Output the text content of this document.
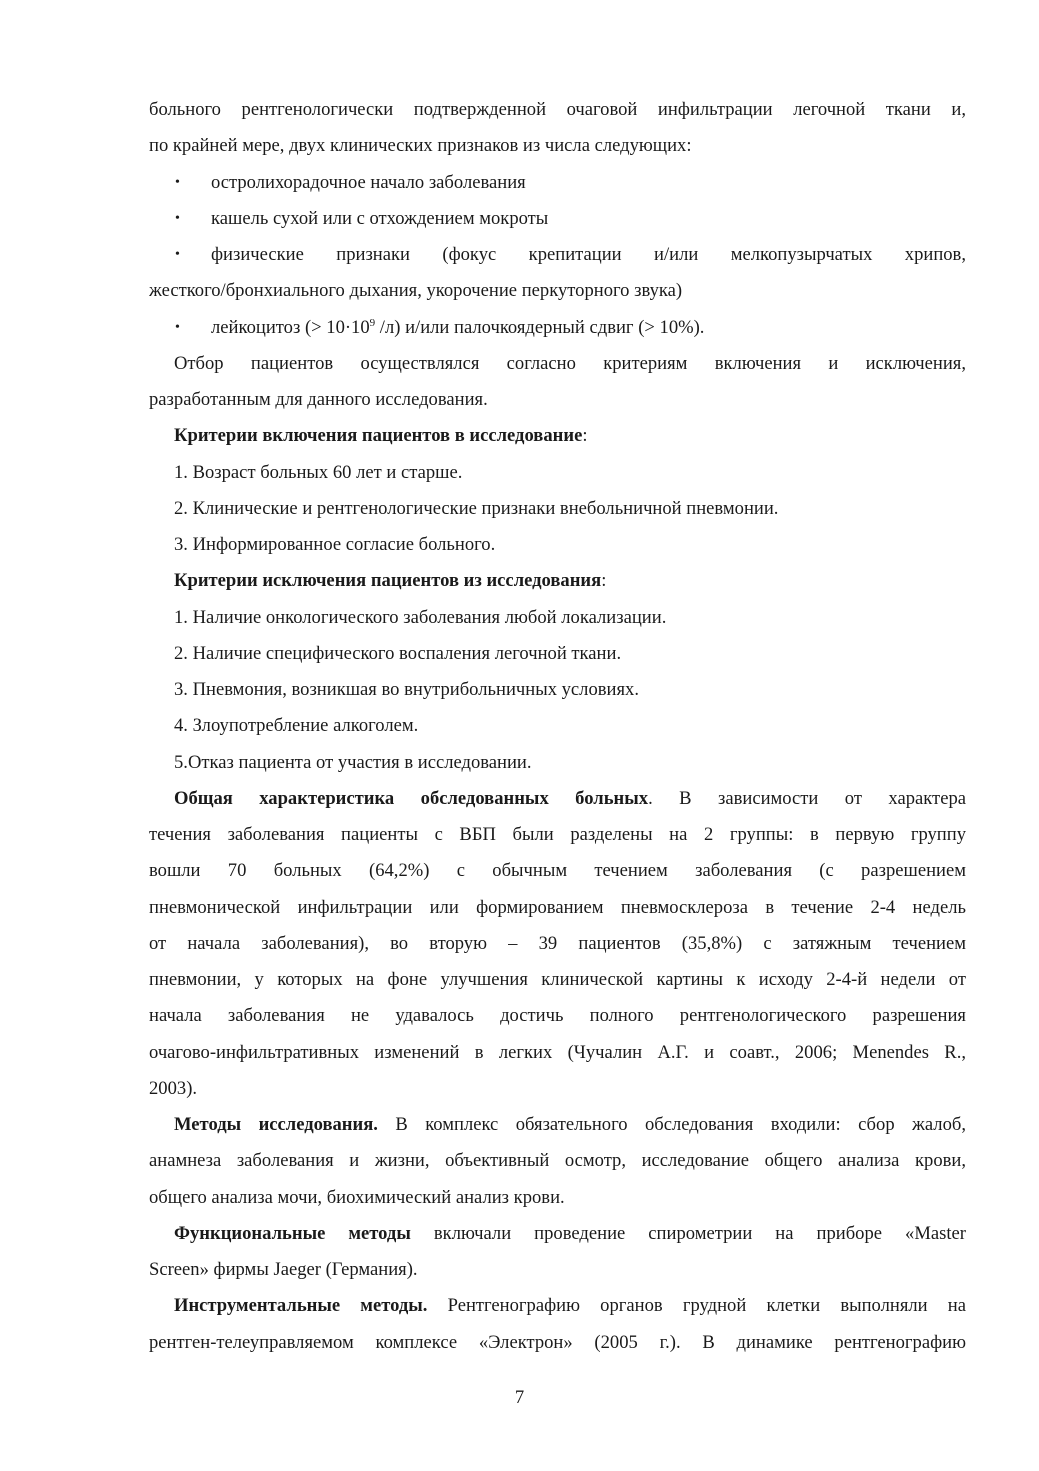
больного рентгенологически подтвержденной очаговой инфильтрации легочной ткани и,
по крайней мере, двух клинических признаков из числа следующих:
• остролихорадочное начало заболевания
• кашель сухой или с отхождением мокроты
• физические признаки (фокус крепитации и/или мелкопузырчатых хрипов,
жесткого/бронхиального дыхания, укорочение перкуторного звука)
• лейкоцитоз (> $10\cdot 10^9$ /л) и/или палочкоядерный сдвиг (> 10%).
Отбор пациентов осуществлялся согласно критериям включения и исключения,
разработанным для данного исследования.
Критерии включения пациентов в исследование:
1. Возраст больных 60 лет и старше.
2. Клинические и рентгенологические признаки внебольничной пневмонии.
3. Информированное согласие больного.
Критерии исключения пациентов из исследования:
1. Наличие онкологического заболевания любой локализации.
2. Наличие специфического воспаления легочной ткани.
3. Пневмония, возникшая во внутрибольничных условиях.
4. Злоупотребление алкоголем.
5.Отказ пациента от участия в исследовании.
Общая характеристика обследованных больных. В зависимости от характера
течения заболевания пациенты с ВБП были разделены на 2 группы: в первую группу
вошли 70 больных (64,2%) с обычным течением заболевания (с разрешением
пневмонической инфильтрации или формированием пневмосклероза в течение 2-4 недель
от начала заболевания), во вторую – 39 пациентов (35,8%) с затяжным течением
пневмонии, у которых на фоне улучшения клинической картины к исходу 2-4-й недели от
начала заболевания не удавалось достичь полного рентгенологического разрешения
очагово-инфильтративных изменений в легких (Чучалин А.Г. и соавт., 2006; Menendes R.,
2003).
Методы исследования. В комплекс обязательного обследования входили: сбор жалоб,
анамнеза заболевания и жизни, объективный осмотр, исследование общего анализа крови,
общего анализа мочи, биохимический анализ крови.
Функциональные методы включали проведение спирометрии на приборе «Master
Screen» фирмы Jaeger (Германия).
Инструментальные методы. Рентгенографию органов грудной клетки выполняли на
рентген-телеуправляемом комплексе «Электрон» (2005 г.). В динамике рентгенографию
7
